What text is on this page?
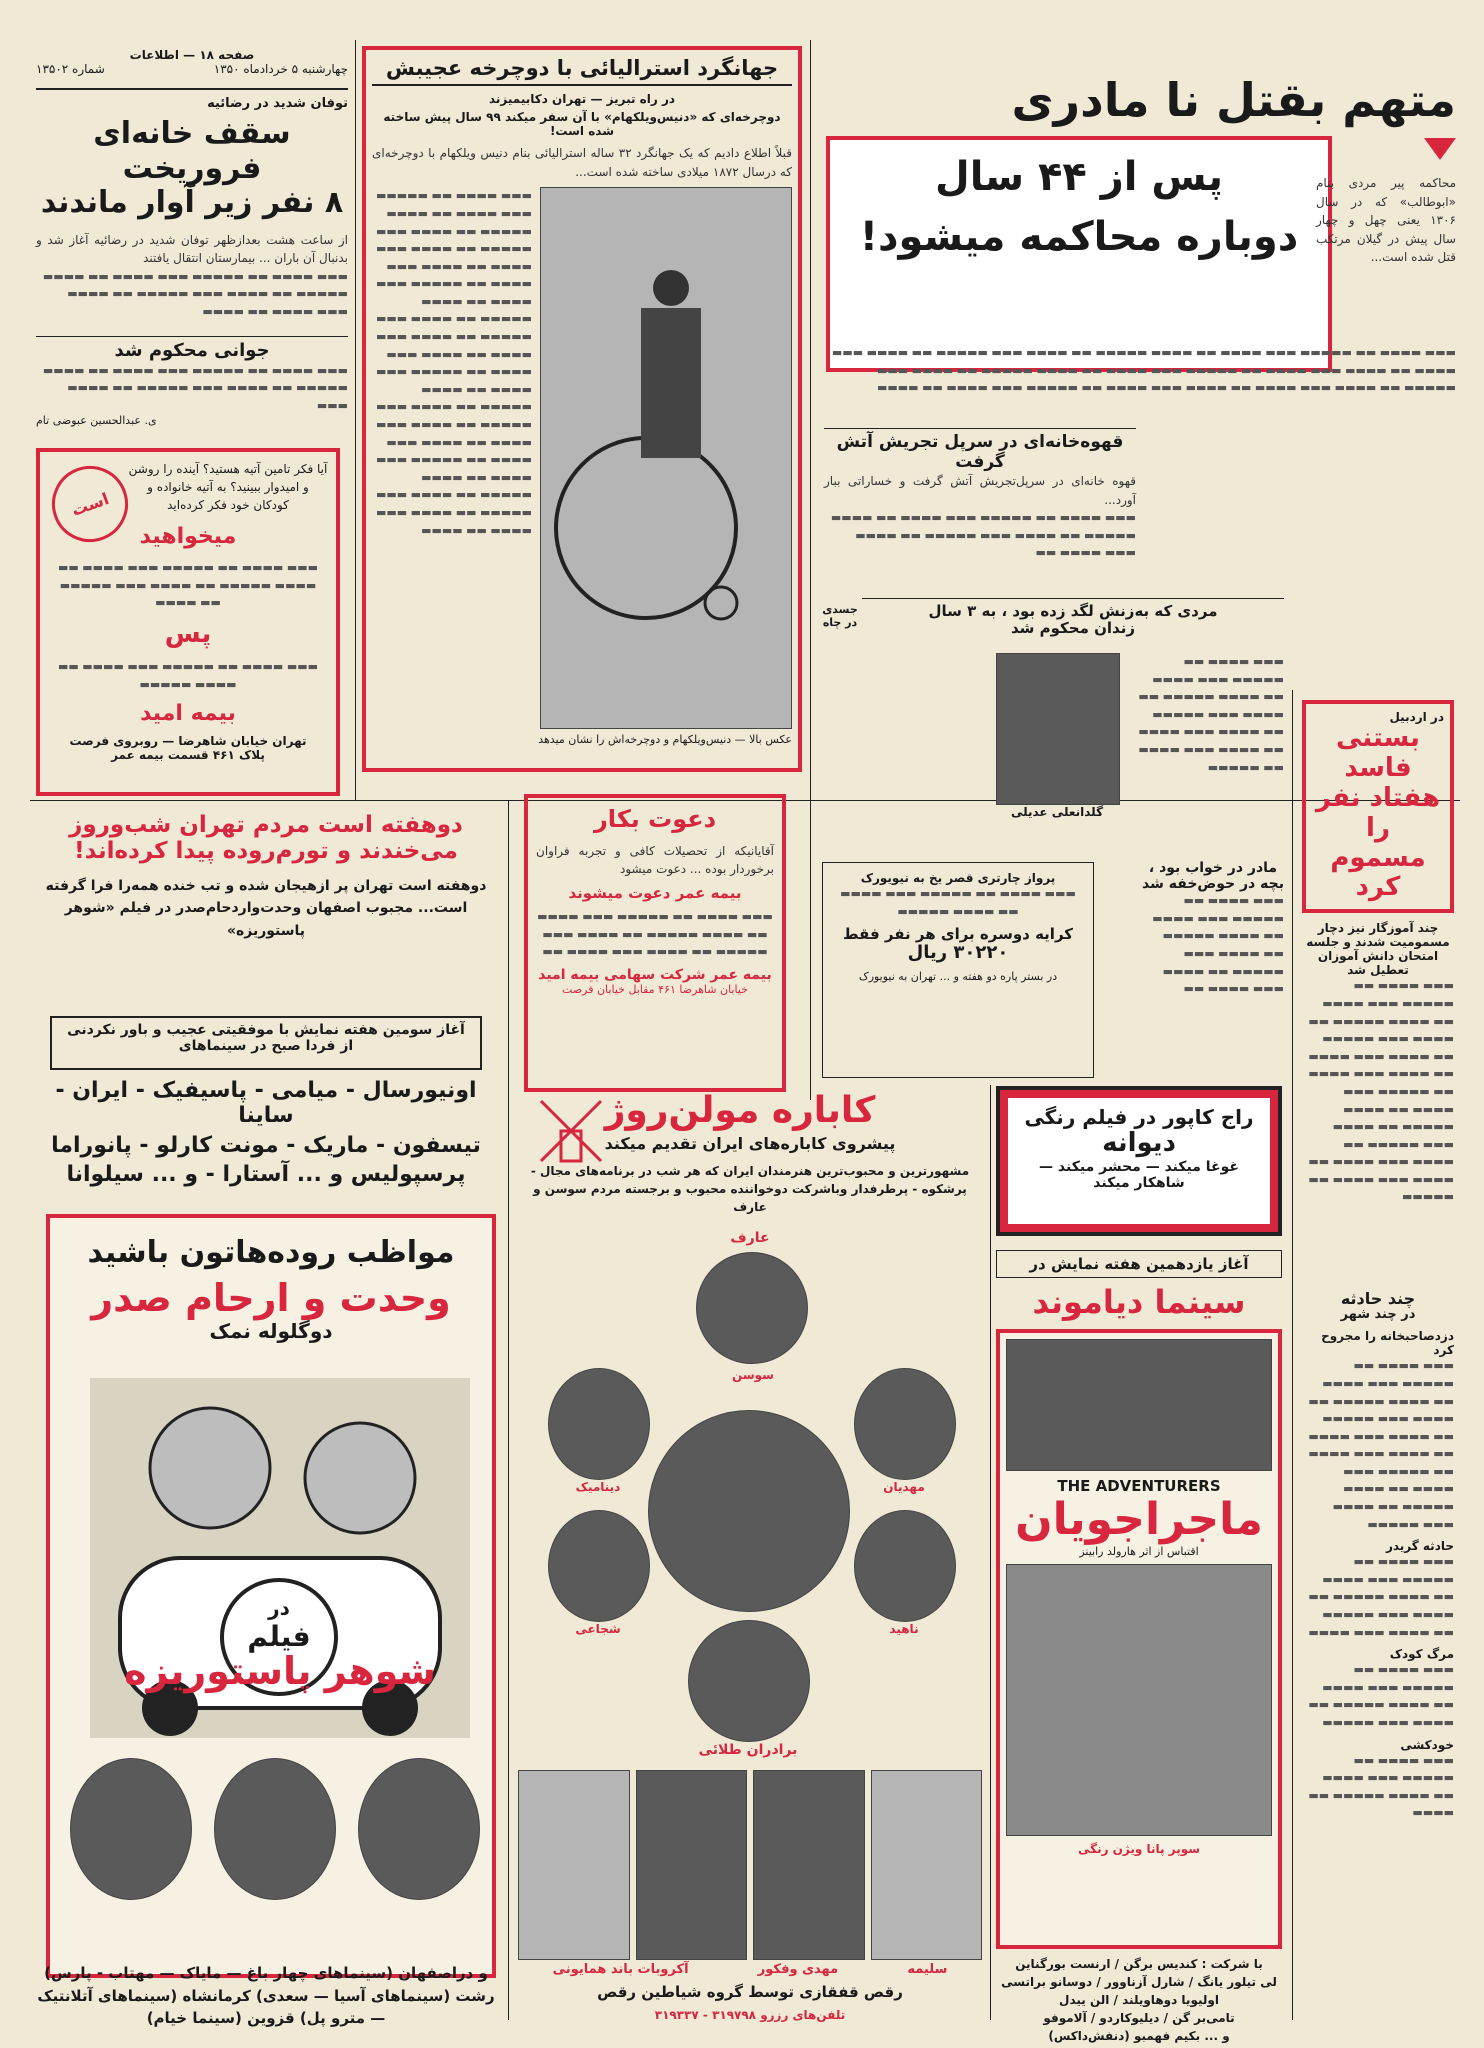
صفحه ۱۸ — اطلاعات
چهارشنبه ۵ خردادماه ۱۳۵۰
شماره ۱۳۵۰۲
توفان شدید در رضائیه
سقف خانه‌ای فروریخت
۸ نفر زیر آوار ماندند
از ساعت هشت بعدازظهر توفان شدید در رضائیه آغاز شد و بدنبال آن باران ... بیمارستان انتقال یافتند
▬▬▬ ▬▬▬▬ ▬▬ ▬▬▬▬▬ ▬▬▬ ▬▬▬▬ ▬▬ ▬▬▬▬ ▬▬▬▬▬ ▬▬ ▬▬▬▬ ▬▬▬ ▬▬▬▬▬ ▬▬ ▬▬▬▬ ▬▬▬ ▬▬▬▬ ▬▬ ▬▬▬▬
جوانی محکوم شد
▬▬▬ ▬▬▬▬ ▬▬ ▬▬▬▬▬ ▬▬▬ ▬▬▬▬ ▬▬ ▬▬▬▬ ▬▬▬▬▬ ▬▬ ▬▬▬▬ ▬▬▬ ▬▬▬▬▬ ▬▬ ▬▬▬▬ ▬▬▬
ی. عبدالحسین عبوضی تام
است
آیا فکر تامین آتیه هستید؟ آینده را روشن و امیدوار ببینید؟ به آتیه خانواده و کودکان خود فکر کرده‌اید
میخواهید
▬▬▬ ▬▬▬▬ ▬▬ ▬▬▬▬▬ ▬▬▬ ▬▬▬▬ ▬▬ ▬▬▬▬ ▬▬▬▬▬ ▬▬ ▬▬▬▬ ▬▬▬ ▬▬▬▬▬ ▬▬ ▬▬▬▬
پس
▬▬▬ ▬▬▬▬ ▬▬ ▬▬▬▬▬ ▬▬▬ ▬▬▬▬ ▬▬ ▬▬▬▬ ▬▬▬▬▬
بیمه امید
تهران خیابان شاهرضا — روبروی فرصت
پلاک ۴۶۱ قسمت بیمه عمر
جهانگرد استرالیائی با دوچرخه عجیبش
در راه تبریز — تهران دکابیمیزند
دوچرخه‌ای که «دنیس‌ویلکهام» با آن سفر میکند ۹۹ سال پیش ساخته شده است!
قبلاً اطلاع دادیم که یک جهانگرد ۳۲ ساله استرالیائی بنام دنیس ویلکهام با دوچرخه‌ای که درسال ۱۸۷۲ میلادی ساخته شده است...
▬▬▬ ▬▬▬▬ ▬▬ ▬▬▬▬▬ ▬▬▬ ▬▬▬▬ ▬▬ ▬▬▬▬ ▬▬▬▬▬ ▬▬ ▬▬▬▬ ▬▬▬ ▬▬▬▬▬ ▬▬ ▬▬▬▬ ▬▬▬ ▬▬▬▬ ▬▬ ▬▬▬▬ ▬▬▬ ▬▬▬▬ ▬▬ ▬▬▬▬▬ ▬▬▬ ▬▬▬▬ ▬▬ ▬▬▬▬ ▬▬▬▬▬ ▬▬ ▬▬▬▬ ▬▬▬ ▬▬▬▬▬ ▬▬ ▬▬▬▬ ▬▬▬ ▬▬▬▬ ▬▬ ▬▬▬▬ ▬▬▬ ▬▬▬▬ ▬▬ ▬▬▬▬▬ ▬▬▬ ▬▬▬▬ ▬▬ ▬▬▬▬ ▬▬▬▬▬ ▬▬ ▬▬▬▬ ▬▬▬ ▬▬▬▬▬ ▬▬ ▬▬▬▬ ▬▬▬ ▬▬▬▬ ▬▬ ▬▬▬▬ ▬▬▬ ▬▬▬▬ ▬▬ ▬▬▬▬▬ ▬▬▬ ▬▬▬▬ ▬▬ ▬▬▬▬ ▬▬▬▬▬ ▬▬ ▬▬▬▬ ▬▬▬ ▬▬▬▬▬ ▬▬ ▬▬▬▬ ▬▬▬ ▬▬▬▬ ▬▬ ▬▬▬▬
عکس بالا — دنیس‌ویلکهام و دوچرخه‌اش را نشان میدهد
متهم بقتل نا مادری
پس از ۴۴ سال
دوباره محاکمه میشود!
محاکمه پیر مردی بنام «ابوطالب» که در سال ۱۳۰۶ یعنی چهل و چهار سال پیش در گیلان مرتکب قتل شده است...
▬▬▬ ▬▬▬▬ ▬▬ ▬▬▬▬▬ ▬▬▬ ▬▬▬▬ ▬▬ ▬▬▬▬ ▬▬▬▬▬ ▬▬ ▬▬▬▬ ▬▬▬ ▬▬▬▬▬ ▬▬ ▬▬▬▬ ▬▬▬ ▬▬▬▬ ▬▬ ▬▬▬▬ ▬▬▬ ▬▬▬▬ ▬▬ ▬▬▬▬▬ ▬▬▬ ▬▬▬▬ ▬▬ ▬▬▬▬ ▬▬▬▬▬ ▬▬ ▬▬▬▬ ▬▬▬ ▬▬▬▬▬ ▬▬ ▬▬▬▬ ▬▬▬ ▬▬▬▬ ▬▬ ▬▬▬▬ ▬▬▬ ▬▬▬▬ ▬▬ ▬▬▬▬▬ ▬▬▬ ▬▬▬▬ ▬▬ ▬▬▬▬
قهوه‌خانه‌ای در سرپل تجریش آتش گرفت
قهوه خانه‌ای در سرپل‌تجریش آتش گرفت و خساراتی ببار آورد...
▬▬▬ ▬▬▬▬ ▬▬ ▬▬▬▬▬ ▬▬▬ ▬▬▬▬ ▬▬ ▬▬▬▬ ▬▬▬▬▬ ▬▬ ▬▬▬▬ ▬▬▬ ▬▬▬▬▬ ▬▬ ▬▬▬▬ ▬▬▬ ▬▬▬▬ ▬▬
مردی که به‌زنش لگد زده بود ، به ۳ سال
زندان محکوم شد
گلدانعلی عدیلی
▬▬▬ ▬▬▬▬ ▬▬ ▬▬▬▬▬ ▬▬▬ ▬▬▬▬ ▬▬ ▬▬▬▬ ▬▬▬▬▬ ▬▬ ▬▬▬▬ ▬▬▬ ▬▬▬▬▬ ▬▬ ▬▬▬▬ ▬▬▬ ▬▬▬▬ ▬▬ ▬▬▬▬ ▬▬▬ ▬▬▬▬ ▬▬ ▬▬▬▬▬
دعوت بکار
آقایانیکه از تحصیلات کافی و تجربه فراوان برخوردار بوده ... دعوت میشود
بیمه عمر دعوت میشوند
▬▬▬ ▬▬▬▬ ▬▬ ▬▬▬▬▬ ▬▬▬ ▬▬▬▬ ▬▬ ▬▬▬▬ ▬▬▬▬▬ ▬▬ ▬▬▬▬ ▬▬▬ ▬▬▬▬▬ ▬▬ ▬▬▬▬ ▬▬▬ ▬▬▬▬ ▬▬
بیمه عمر شرکت سهامی بیمه امید
خیابان شاهرضا ۴۶۱ مقابل خیابان فرصت
پرواز چارتری قصر یخ به نیویورک
▬▬▬ ▬▬▬▬ ▬▬ ▬▬▬▬▬ ▬▬▬ ▬▬▬▬ ▬▬ ▬▬▬▬ ▬▬▬▬▬
کرایه دوسره برای هر نفر فقط
۳۰۲۲۰ ریال
در بستر پاره دو هفته و ... تهران به نیویورک
مادر در خواب بود ،
بچه در حوض‌خفه شد
▬▬▬ ▬▬▬▬ ▬▬ ▬▬▬▬▬ ▬▬▬ ▬▬▬▬ ▬▬ ▬▬▬▬ ▬▬▬▬▬ ▬▬ ▬▬▬▬ ▬▬▬ ▬▬▬▬▬ ▬▬ ▬▬▬▬ ▬▬▬ ▬▬▬▬ ▬▬
در اردبیل
بستنی فاسد
هفتاد نفر را
مسموم کرد
چند آموزگار نیز دچار مسمومیت شدند و جلسه امتحان دانش آموزان تعطیل شد
▬▬▬ ▬▬▬▬ ▬▬ ▬▬▬▬▬ ▬▬▬ ▬▬▬▬ ▬▬ ▬▬▬▬ ▬▬▬▬▬ ▬▬ ▬▬▬▬ ▬▬▬ ▬▬▬▬▬ ▬▬ ▬▬▬▬ ▬▬▬ ▬▬▬▬ ▬▬ ▬▬▬▬ ▬▬▬ ▬▬▬▬ ▬▬ ▬▬▬▬▬ ▬▬▬ ▬▬▬▬ ▬▬ ▬▬▬▬ ▬▬▬▬▬ ▬▬ ▬▬▬▬ ▬▬▬ ▬▬▬▬▬ ▬▬ ▬▬▬▬ ▬▬▬ ▬▬▬▬ ▬▬ ▬▬▬▬ ▬▬▬ ▬▬▬▬ ▬▬ ▬▬▬▬▬
دوهفته است مردم تهران شب‌وروز
می‌خندند و تورم‌روده پیدا کرده‌اند!
دوهفته است تهران پر ازهیجان شده و تب خنده همه‌را فرا گرفته است... مجبوب اصفهان وحدت‌واردحام‌صدر در فیلم «شوهر پاستوریزه»
آغاز سومین هفته نمایش با موفقیتی عجیب و باور نکردنی از فردا صبح در سینماهای
اونیورسال - میامی - پاسیفیک - ایران - ساینا
تیسفون - ماریک - مونت کارلو - پانوراما
پرسپولیس و ... آستارا - و ... سیلوانا
مواظب روده‌هاتون باشید
وحدت و ارحام صدر
دوگلوله نمک
در
فیلم
شوهر پاستوریزه
و دراصفهان (سینماهای چهار باغ — مایاک — مهتاب - پارس)
رشت (سینماهای آسیا — سعدی) کرمانشاه (سینماهای آتلانتیک — مترو پل) قزوین (سینما خیام)
کاباره مولن‌روژ
پیشروی کاباره‌های ایران تقدیم میکند
مشهورترین و محبوب‌ترین هنرمندان ایران که هر شب در برنامه‌های مجال - پرشکوه - پرطرفدار وبا‌شرکت دوخواننده محبوب و برجسته مردم سوسن و عارف
عارف
دینامیک	مهدیان
سوسن
شجاعی	ناهید
برادران طلائی
سلیمه
مهدی وفکور
آکروبات باند همایونی
رقص قفقازی توسط گروه شیاطین رقص
تلفن‌های رزرو ۳۱۹۷۹۸ - ۳۱۹۳۳۷
راج کاپور در فیلم رنگی
دیوانه
غوغا میکند — محشر میکند —
شاهکار میکند
آغاز یازدهمین هفته نمایش در
سینما دیاموند
THE ADVENTURERS
ماجراجویان
اقتباس از اثر هارولد رابینز
سوپر پانا ویژن رنگی
با شرکت : کندیس برگن / ارنست بورگناین
لی تیلور یانگ / شارل آزناوور / دوسانو براتسی
اولیویا دوهاویلند / الن ییدل
تامی‌بر گن / دیلیوکاردو / آلاموفو
و ... بکیم فهمبو (دنفش‌داکس)
چند حادثه
در چند شهر
دزدصاحبخانه را مجروح کرد
▬▬▬ ▬▬▬▬ ▬▬ ▬▬▬▬▬ ▬▬▬ ▬▬▬▬ ▬▬ ▬▬▬▬ ▬▬▬▬▬ ▬▬ ▬▬▬▬ ▬▬▬ ▬▬▬▬▬ ▬▬ ▬▬▬▬ ▬▬▬ ▬▬▬▬ ▬▬ ▬▬▬▬ ▬▬▬ ▬▬▬▬ ▬▬ ▬▬▬▬▬ ▬▬▬ ▬▬▬▬ ▬▬ ▬▬▬▬ ▬▬▬▬▬ ▬▬ ▬▬▬▬ ▬▬▬ ▬▬▬▬▬
حادثه گریدر
▬▬▬ ▬▬▬▬ ▬▬ ▬▬▬▬▬ ▬▬▬ ▬▬▬▬ ▬▬ ▬▬▬▬ ▬▬▬▬▬ ▬▬ ▬▬▬▬ ▬▬▬ ▬▬▬▬▬ ▬▬ ▬▬▬▬ ▬▬▬ ▬▬▬▬
مرگ کودک
▬▬▬ ▬▬▬▬ ▬▬ ▬▬▬▬▬ ▬▬▬ ▬▬▬▬ ▬▬ ▬▬▬▬ ▬▬▬▬▬ ▬▬ ▬▬▬▬ ▬▬▬ ▬▬▬▬▬
خودکشی
▬▬▬ ▬▬▬▬ ▬▬ ▬▬▬▬▬ ▬▬▬ ▬▬▬▬ ▬▬ ▬▬▬▬ ▬▬▬▬▬ ▬▬ ▬▬▬▬
جسدی در چاه
